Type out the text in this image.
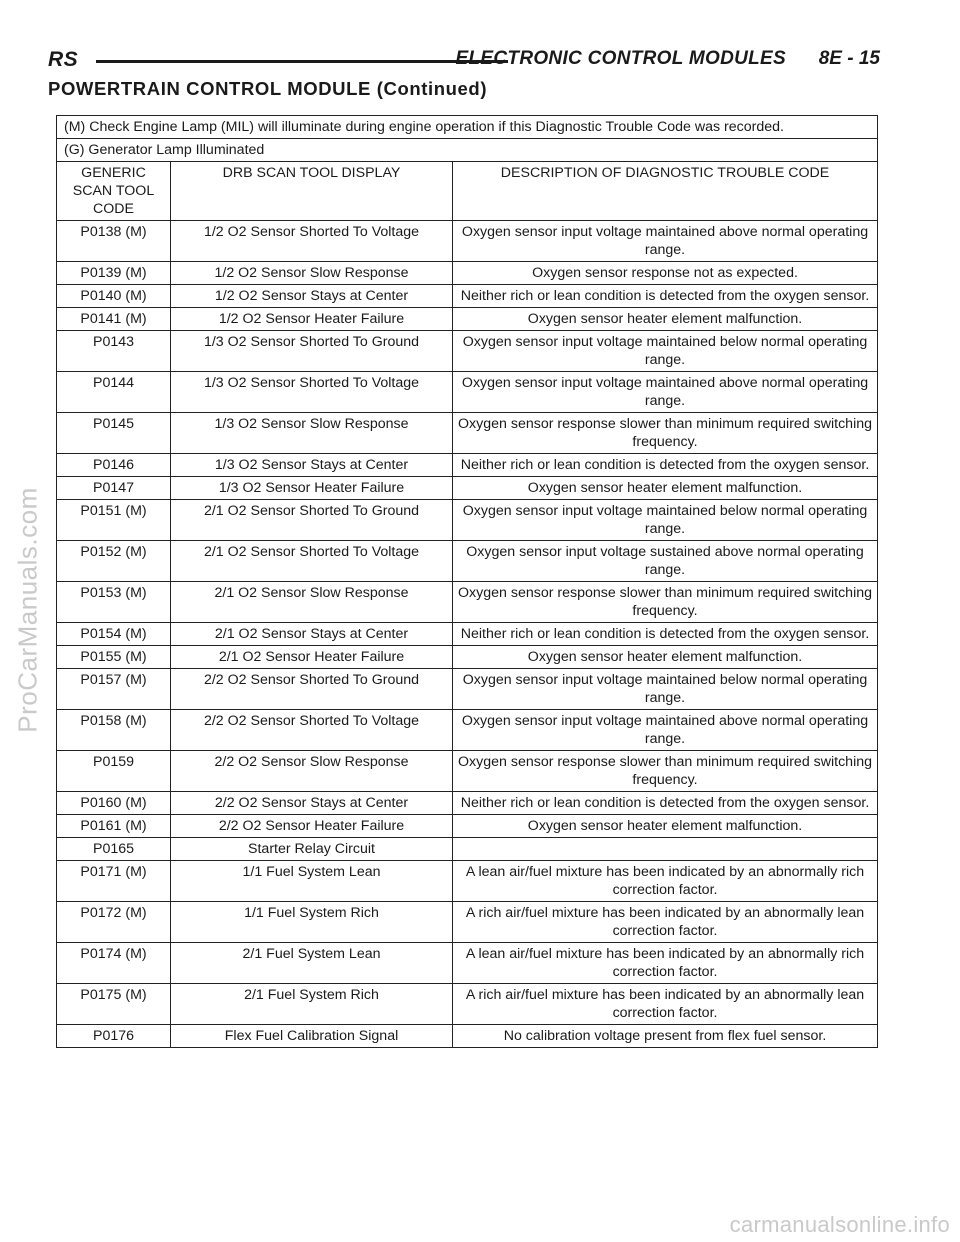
RS	ELECTRONIC CONTROL MODULES 8E - 15
POWERTRAIN CONTROL MODULE (Continued)
(M) Check Engine Lamp (MIL) will illuminate during engine operation if this Diagnostic Trouble Code was recorded.		
(G) Generator Lamp Illuminated		
GENERIC SCAN TOOL CODE	DRB SCAN TOOL DISPLAY	DESCRIPTION OF DIAGNOSTIC TROUBLE CODE
P0138 (M)	1/2 O2 Sensor Shorted To Voltage	Oxygen sensor input voltage maintained above normal operating range.
P0139 (M)	1/2 O2 Sensor Slow Response	Oxygen sensor response not as expected.
P0140 (M)	1/2 O2 Sensor Stays at Center	Neither rich or lean condition is detected from the oxygen sensor.
P0141 (M)	1/2 O2 Sensor Heater Failure	Oxygen sensor heater element malfunction.
P0143	1/3 O2 Sensor Shorted To Ground	Oxygen sensor input voltage maintained below normal operating range.
P0144	1/3 O2 Sensor Shorted To Voltage	Oxygen sensor input voltage maintained above normal operating range.
P0145	1/3 O2 Sensor Slow Response	Oxygen sensor response slower than minimum required switching frequency.
P0146	1/3 O2 Sensor Stays at Center	Neither rich or lean condition is detected from the oxygen sensor.
P0147	1/3 O2 Sensor Heater Failure	Oxygen sensor heater element malfunction.
P0151 (M)	2/1 O2 Sensor Shorted To Ground	Oxygen sensor input voltage maintained below normal operating range.
P0152 (M)	2/1 O2 Sensor Shorted To Voltage	Oxygen sensor input voltage sustained above normal operating range.
P0153 (M)	2/1 O2 Sensor Slow Response	Oxygen sensor response slower than minimum required switching frequency.
P0154 (M)	2/1 O2 Sensor Stays at Center	Neither rich or lean condition is detected from the oxygen sensor.
P0155 (M)	2/1 O2 Sensor Heater Failure	Oxygen sensor heater element malfunction.
P0157 (M)	2/2 O2 Sensor Shorted To Ground	Oxygen sensor input voltage maintained below normal operating range.
P0158 (M)	2/2 O2 Sensor Shorted To Voltage	Oxygen sensor input voltage maintained above normal operating range.
P0159	2/2 O2 Sensor Slow Response	Oxygen sensor response slower than minimum required switching frequency.
P0160 (M)	2/2 O2 Sensor Stays at Center	Neither rich or lean condition is detected from the oxygen sensor.
P0161 (M)	2/2 O2 Sensor Heater Failure	Oxygen sensor heater element malfunction.
P0165	Starter Relay Circuit	
P0171 (M)	1/1 Fuel System Lean	A lean air/fuel mixture has been indicated by an abnormally rich correction factor.
P0172 (M)	1/1 Fuel System Rich	A rich air/fuel mixture has been indicated by an abnormally lean correction factor.
P0174 (M)	2/1 Fuel System Lean	A lean air/fuel mixture has been indicated by an abnormally rich correction factor.
P0175 (M)	2/1 Fuel System Rich	A rich air/fuel mixture has been indicated by an abnormally lean correction factor.
P0176	Flex Fuel Calibration Signal	No calibration voltage present from flex fuel sensor.
ProCarManuals.com
carmanualsonline.info
